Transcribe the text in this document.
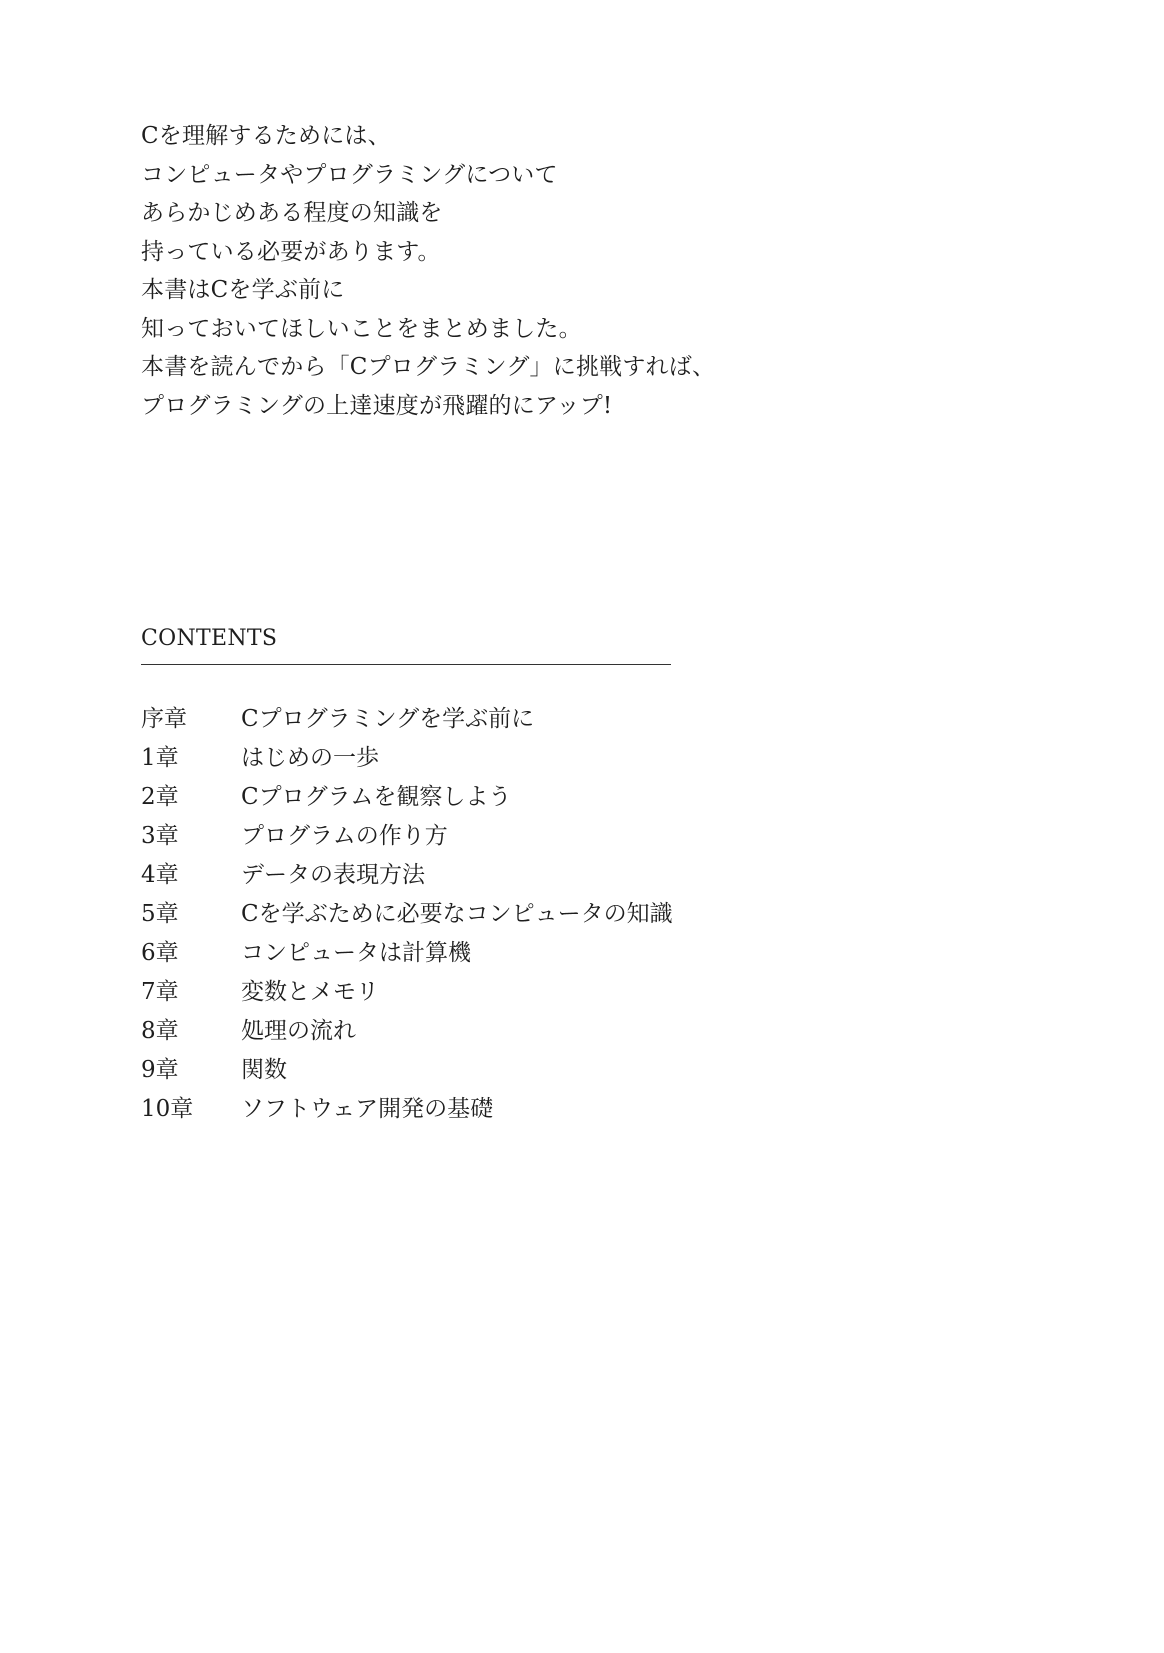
Cを理解するためには、
コンピュータやプログラミングについて
あらかじめある程度の知識を
持っている必要があります。
本書はCを学ぶ前に
知っておいてほしいことをまとめました。
本書を読んでから「Cプログラミング」に挑戦すれば、
プログラミングの上達速度が飛躍的にアップ!
CONTENTS
序章	Cプログラミングを学ぶ前に
1章	はじめの一歩
2章	Cプログラムを観察しよう
3章	プログラムの作り方
4章	データの表現方法
5章	Cを学ぶために必要なコンピュータの知識
6章	コンピュータは計算機
7章	変数とメモリ
8章	処理の流れ
9章	関数
10章	ソフトウェア開発の基礎
